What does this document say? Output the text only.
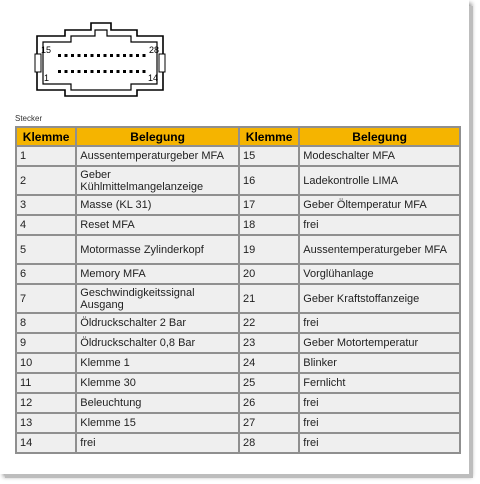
15	28
1	14
Stecker
Klemme	Belegung	Klemme	Belegung
1	Aussentemperaturgeber MFA	15	Modeschalter MFA
2	Geber Kühlmittelmangelanzeige	16	Ladekontrolle LIMA
3	Masse (KL 31)	17	Geber Öltemperatur MFA
4	Reset MFA	18	frei
5	Motormasse Zylinderkopf	19	Aussentemperaturgeber MFA
6	Memory MFA	20	Vorglühanlage
7	Geschwindigkeitssignal Ausgang	21	Geber Kraftstoffanzeige
8	Öldruckschalter 2 Bar	22	frei
9	Öldruckschalter 0,8 Bar	23	Geber Motortemperatur
10	Klemme 1	24	Blinker
11	Klemme 30	25	Fernlicht
12	Beleuchtung	26	frei
13	Klemme 15	27	frei
14	frei	28	frei
